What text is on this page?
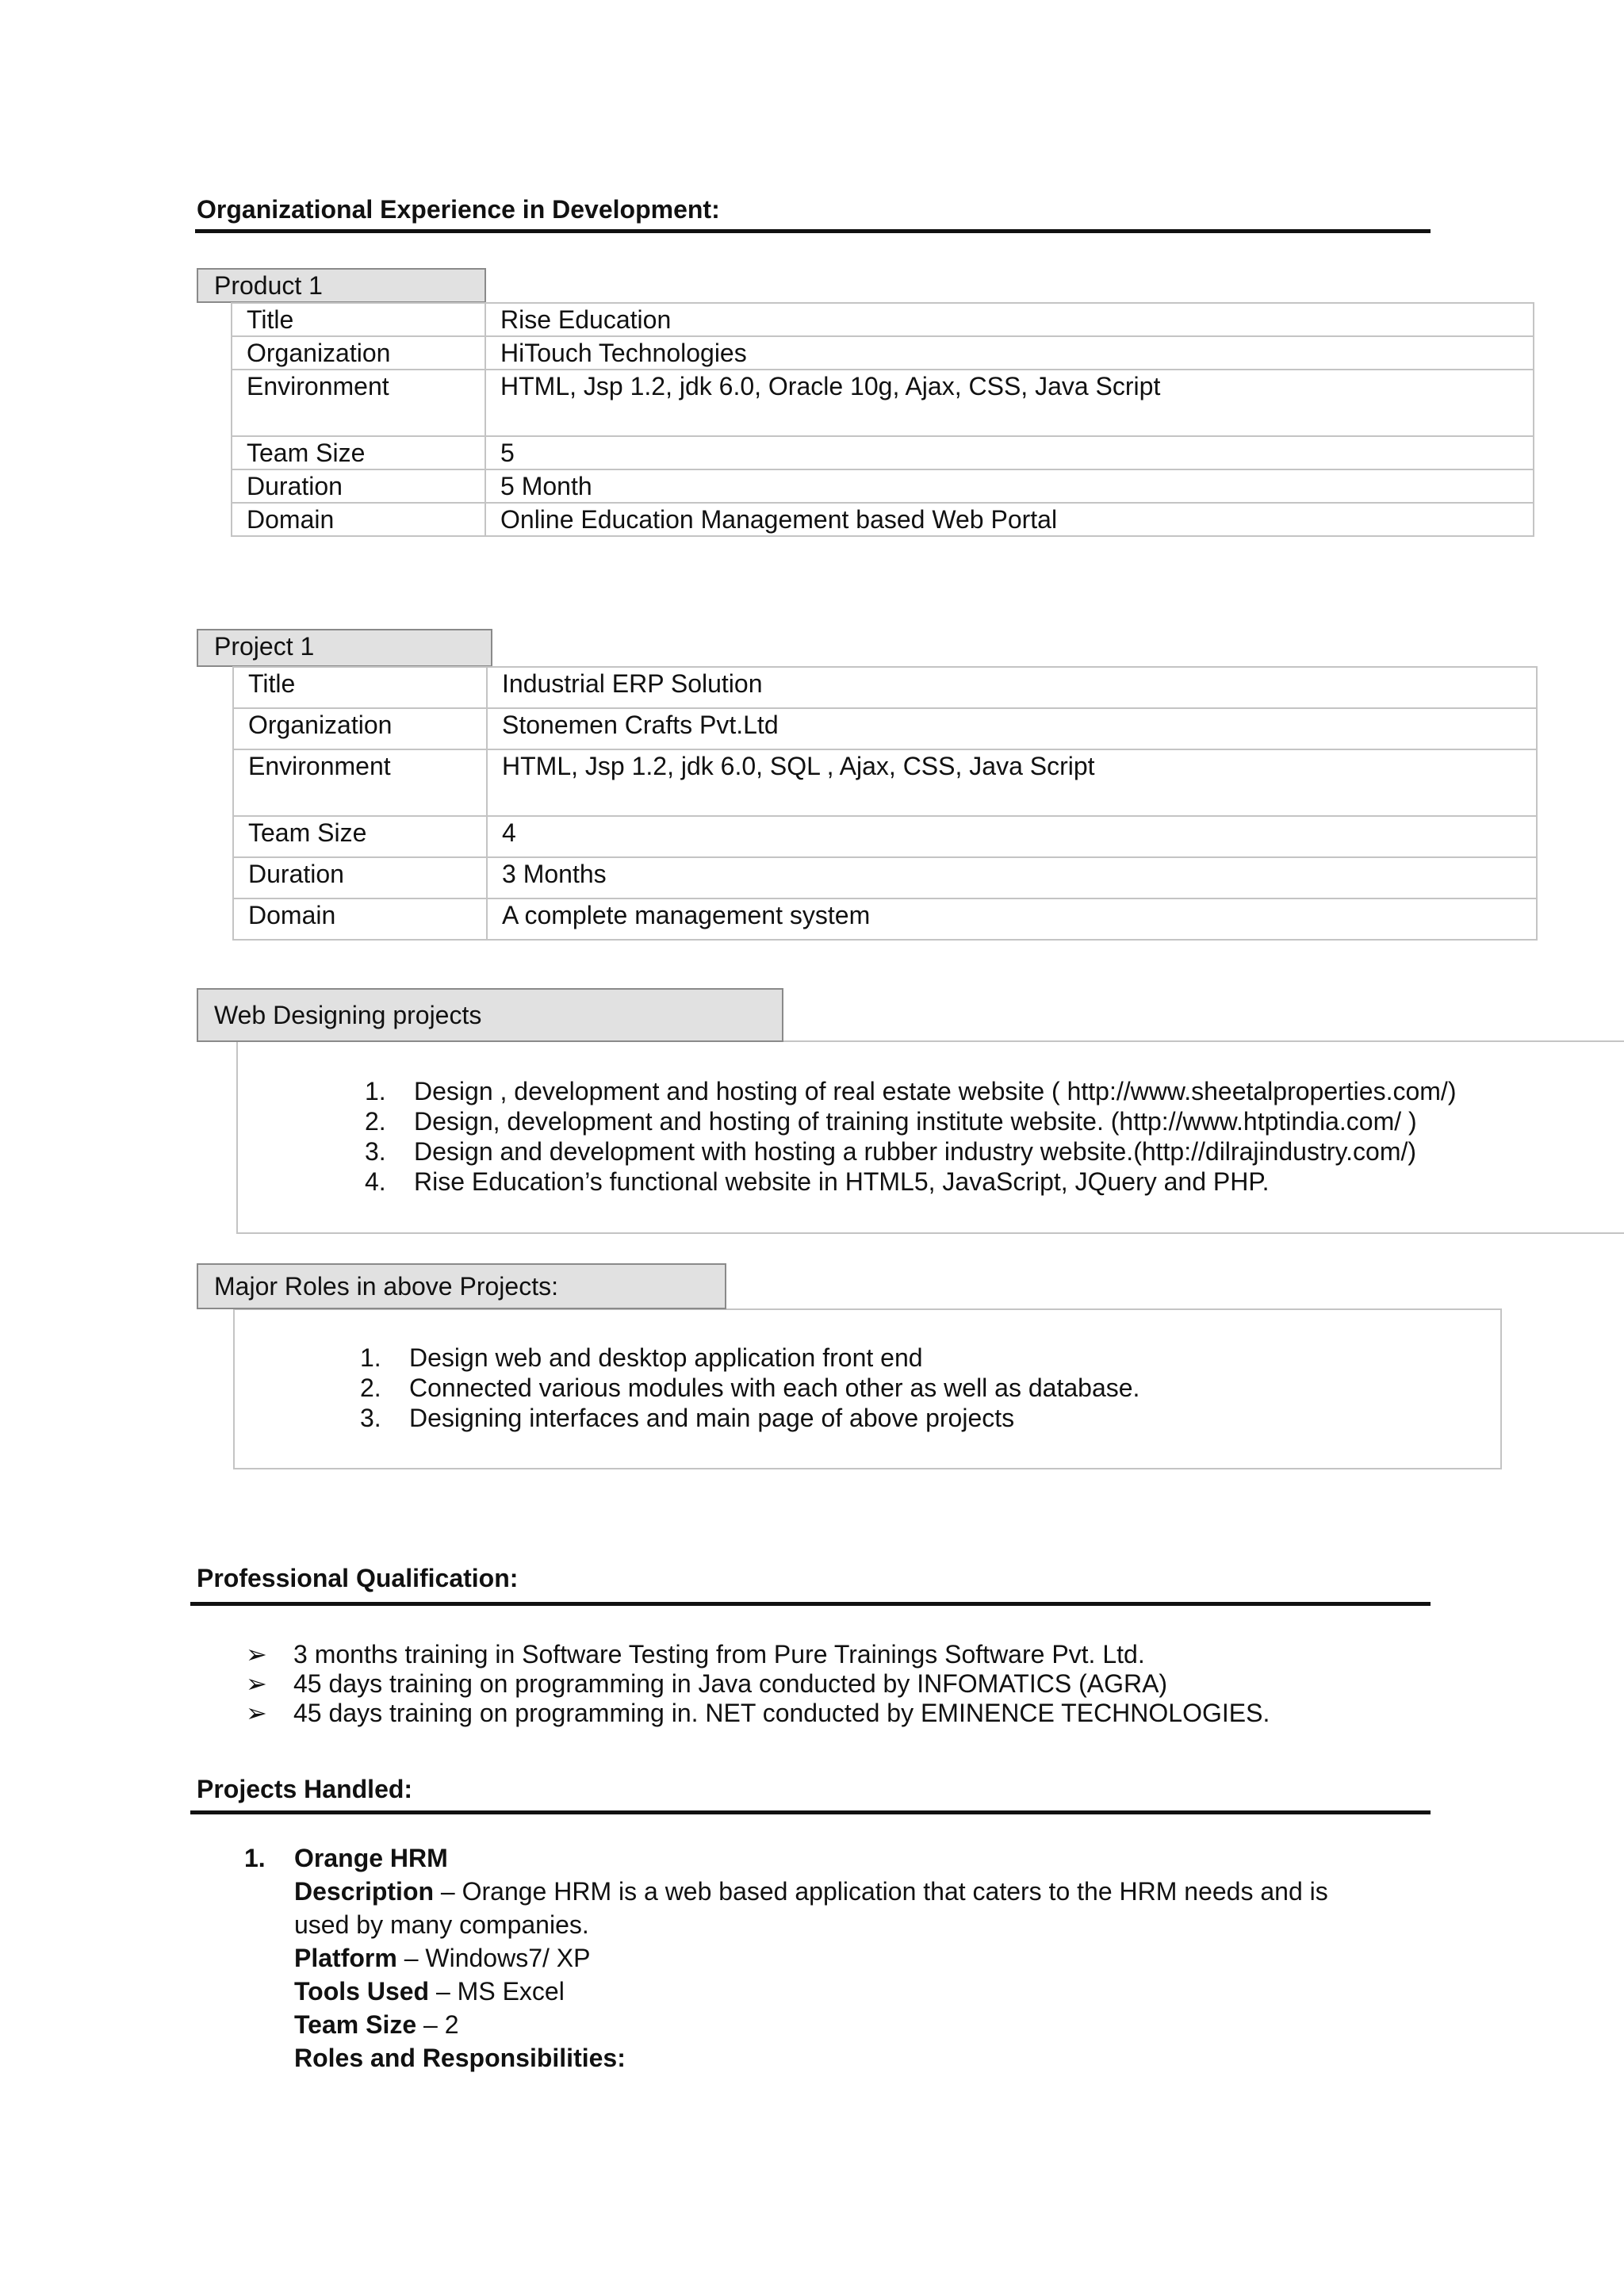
Organizational Experience in Development:
Product 1
Title	Rise Education
Organization	HiTouch Technologies
Environment	HTML, Jsp 1.2, jdk 6.0, Oracle 10g, Ajax, CSS, Java Script
Team Size	5
Duration	5 Month
Domain	Online Education Management based Web Portal
Project 1
Title	Industrial ERP Solution
Organization	Stonemen Crafts Pvt.Ltd
Environment	HTML, Jsp 1.2, jdk 6.0, SQL , Ajax, CSS, Java Script
Team Size	4
Duration	3 Months
Domain	A complete management system
Web Designing projects
1.	Design , development and hosting of real estate website ( http://www.sheetalproperties.com/)
2.	Design, development and hosting of training institute website. (http://www.htptindia.com/ )
3.	Design and development with hosting a rubber industry website.(http://dilrajindustry.com/)
4.	Rise Education’s functional website in HTML5, JavaScript, JQuery and PHP.
Major Roles in above Projects:
1.	Design web and desktop application front end
2.	Connected various modules with each other as well as database.
3.	Designing interfaces and main page of above projects
Professional Qualification:
➢	3 months training in Software Testing from Pure Trainings Software Pvt. Ltd.
➢	45 days training on programming in Java conducted by INFOMATICS (AGRA)
➢	45 days training on programming in. NET conducted by EMINENCE TECHNOLOGIES.
Projects Handled:
1. Orange HRM
Description – Orange HRM is a web based application that caters to the HRM needs and is
used by many companies.
Platform – Windows7/ XP
Tools Used – MS Excel
Team Size – 2
Roles and Responsibilities:
